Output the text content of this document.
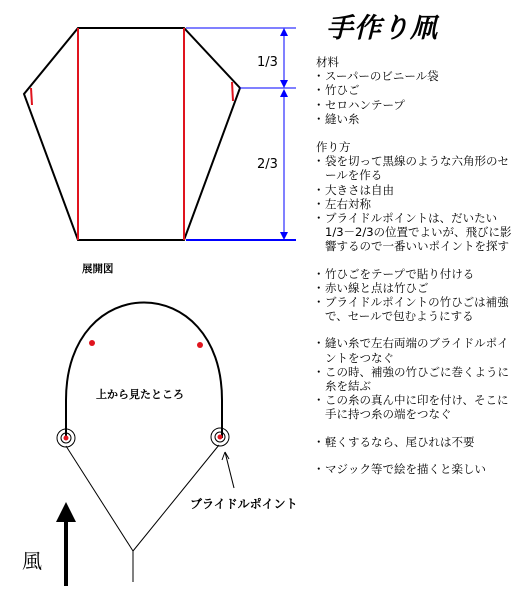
1/3
2/3
展開図
上から見たところ
ブライドルポイント
風
手作り凧

材料

・ スーパーのビニール袋

・ 竹ひご

・ セロハンテープ

・ 縫い糸

作り方

・ 袋を切って黒線のような六角形のセールを作る

・ 大きさは自由

・ 左右対称

・ ブライドルポイントは、だいたい1/3－2/3の位置でよいが、飛びに影響するので一番いいポイントを探す

・ 竹ひごをテープで貼り付ける

・ 赤い線と点は竹ひご

・ ブライドルポイントの竹ひごは補強で、セールで包むようにする

・ 縫い糸で左右両端のブライドルポイントをつなぐ

・ この時、補強の竹ひごに巻くように糸を結ぶ

・ この糸の真ん中に印を付け、そこに手に持つ糸の端をつなぐ

・ 軽くするなら、尾ひれは不要

・ マジック等で絵を描くと楽しい
